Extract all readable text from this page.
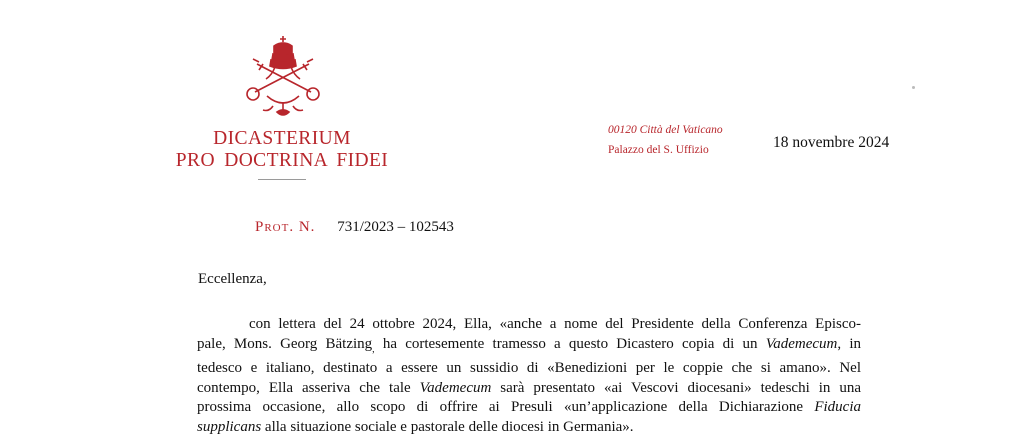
DICASTERIUM
PRO DOCTRINA FIDEI
00120 Città del Vaticano
Palazzo del S. Uffizio	18 novembre 2024
Prot. N. 731/2023 – 102543
Eccellenza,
con lettera del 24 ottobre 2024, Ella, «anche a nome del Presidente della Conferenza Episco-
pale, Mons. Georg Bätzing$_,$ ha cortesemente tramesso a questo Dicastero copia di un Vademecum, in
tedesco e italiano, destinato a essere un sussidio di «Benedizioni per le coppie che si amano». Nel
contempo, Ella asseriva che tale Vademecum sarà presentato «ai Vescovi diocesani» tedeschi in una
prossima occasione, allo scopo di offrire ai Presuli «un’applicazione della Dichiarazione Fiducia
supplicans alla situazione sociale e pastorale delle diocesi in Germania».
